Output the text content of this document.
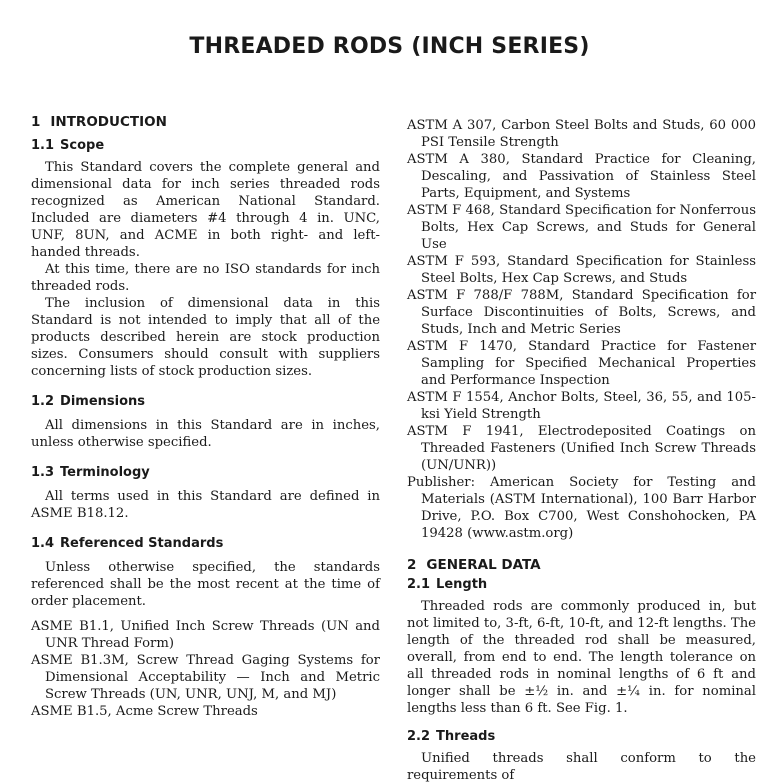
THREADED RODS (INCH SERIES)
1 INTRODUCTION
1.1 Scope

This Standard covers the complete general and dimensional data for inch series threaded rods recognized as American National Standard. Included are diameters #4 through 4 in. UNC, UNF, 8UN, and ACME in both right- and left-handed threads.

At this time, there are no ISO standards for inch threaded rods.

The inclusion of dimensional data in this Standard is not intended to imply that all of the products described herein are stock production sizes. Consumers should consult with suppliers concerning lists of stock production sizes.

1.2 Dimensions

All dimensions in this Standard are in inches, unless otherwise specified.

1.3 Terminology

All terms used in this Standard are defined in ASME B18.12.

1.4 Referenced Standards

Unless otherwise specified, the standards referenced shall be the most recent at the time of order placement.

ASME B1.1, Unified Inch Screw Threads (UN and UNR Thread Form)

ASME B1.3M, Screw Thread Gaging Systems for Dimensional Acceptability — Inch and Metric Screw Threads (UN, UNR, UNJ, M, and MJ)

ASME B1.5, Acme Screw Threads

ASTM A 307, Carbon Steel Bolts and Studs, 60 000 PSI Tensile Strength

ASTM A 380, Standard Practice for Cleaning, Descaling, and Passivation of Stainless Steel Parts, Equipment, and Systems

ASTM F 468, Standard Specification for Nonferrous Bolts, Hex Cap Screws, and Studs for General Use

ASTM F 593, Standard Specification for Stainless Steel Bolts, Hex Cap Screws, and Studs

ASTM F 788/F 788M, Standard Specification for Surface Discontinuities of Bolts, Screws, and Studs, Inch and Metric Series

ASTM F 1470, Standard Practice for Fastener Sampling for Specified Mechanical Properties and Performance Inspection

ASTM F 1554, Anchor Bolts, Steel, 36, 55, and 105-ksi Yield Strength

ASTM F 1941, Electrodeposited Coatings on Threaded Fasteners (Unified Inch Screw Threads (UN/UNR))

Publisher: American Society for Testing and Materials (ASTM International), 100 Barr Harbor Drive, P.O. Box C700, West Conshohocken, PA 19428 (www.astm.org)

2 GENERAL DATA
2.1 Length

Threaded rods are commonly produced in, but not limited to, 3-ft, 6-ft, 10-ft, and 12-ft lengths. The length of the threaded rod shall be measured, overall, from end to end. The length tolerance on all threaded rods in nominal lengths of 6 ft and longer shall be ±½ in. and ±¼ in. for nominal lengths less than 6 ft. See Fig. 1.

2.2 Threads

Unified threads shall conform to the requirements of
